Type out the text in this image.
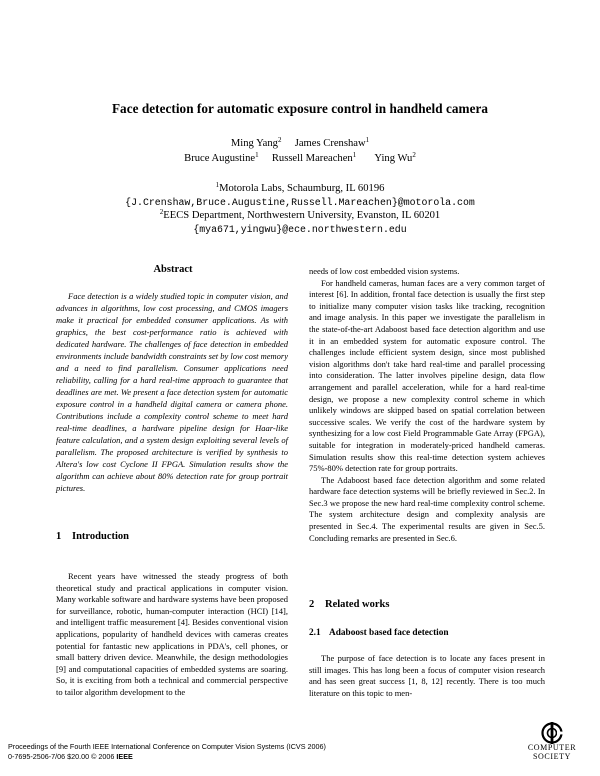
Face detection for automatic exposure control in handheld camera
Ming Yang$^2$ James Crenshaw$^1$
Bruce Augustine$^1$ Russell Mareachen$^1$ Ying Wu$^2$
$^1$Motorola Labs, Schaumburg, IL 60196
{J.Crenshaw,Bruce.Augustine,Russell.Mareachen}@motorola.com
$^2$EECS Department, Northwestern University, Evanston, IL 60201
{mya671,yingwu}@ece.northwestern.edu
Abstract

Face detection is a widely studied topic in computer vision, and advances in algorithms, low cost processing, and CMOS imagers make it practical for embedded consumer applications. As with graphics, the best cost-performance ratio is achieved with dedicated hardware. The challenges of face detection in embedded environments include bandwidth constraints set by low cost memory and a need to find parallelism. Consumer applications need reliability, calling for a hard real-time approach to guarantee that deadlines are met. We present a face detection system for automatic exposure control in a handheld digital camera or camera phone. Contributions include a complexity control scheme to meet hard real-time deadlines, a hardware pipeline design for Haar-like feature calculation, and a system design exploiting several levels of parallelism. The proposed architecture is verified by synthesis to Altera's low cost Cyclone II FPGA. Simulation results show the algorithm can achieve about 80% detection rate for group portrait pictures.

1 Introduction

Recent years have witnessed the steady progress of both theoretical study and practical applications in computer vision. Many workable software and hardware systems have been proposed for surveillance, robotic, human-computer interaction (HCI) [14], and intelligent traffic measurement [4]. Besides conventional vision applications, popularity of handheld devices with cameras creates potential for fantastic new applications in PDA's, cell phones, or small battery driven device. Meanwhile, the design methodologies [9] and computational capacities of embedded systems are soaring. So, it is exciting from both a technical and commercial perspective to tailor algorithm development to the

needs of low cost embedded vision systems.

For handheld cameras, human faces are a very common target of interest [6]. In addition, frontal face detection is usually the first step to initialize many computer vision tasks like tracking, recognition and image analysis. In this paper we investigate the parallelism in the state-of-the-art Adaboost based face detection algorithm and use it in an embedded system for automatic exposure control. The challenges include efficient system design, since most published vision algorithms don't take hard real-time and parallel processing into consideration. The latter involves pipeline design, data flow arrangement and parallel acceleration, while for a hard real-time design, we propose a new complexity control scheme in which unlikely windows are skipped based on spatial correlation between successive scales. We verify the cost of the hardware system by synthesizing for a low cost Field Programmable Gate Array (FPGA), suitable for integration in moderately-priced handheld cameras. Simulation results show this real-time detection system achieves 75%-80% detection rate for group portraits.

The Adaboost based face detection algorithm and some related hardware face detection systems will be briefly reviewed in Sec.2. In Sec.3 we propose the new hard real-time complexity control scheme. The system architecture design and complexity analysis are presented in Sec.4. The experimental results are given in Sec.5. Concluding remarks are presented in Sec.6.

2 Related works
2.1 Adaboost based face detection

The purpose of face detection is to locate any faces present in still images. This has long been a focus of computer vision research and has seen great success [1, 8, 12] recently. There is too much literature on this topic to men-

Proceedings of the Fourth IEEE International Conference on Computer Vision Systems (ICVS 2006)
0-7695-2506-7/06 $20.00 © 2006 IEEE
COMPUTER
SOCIETY
